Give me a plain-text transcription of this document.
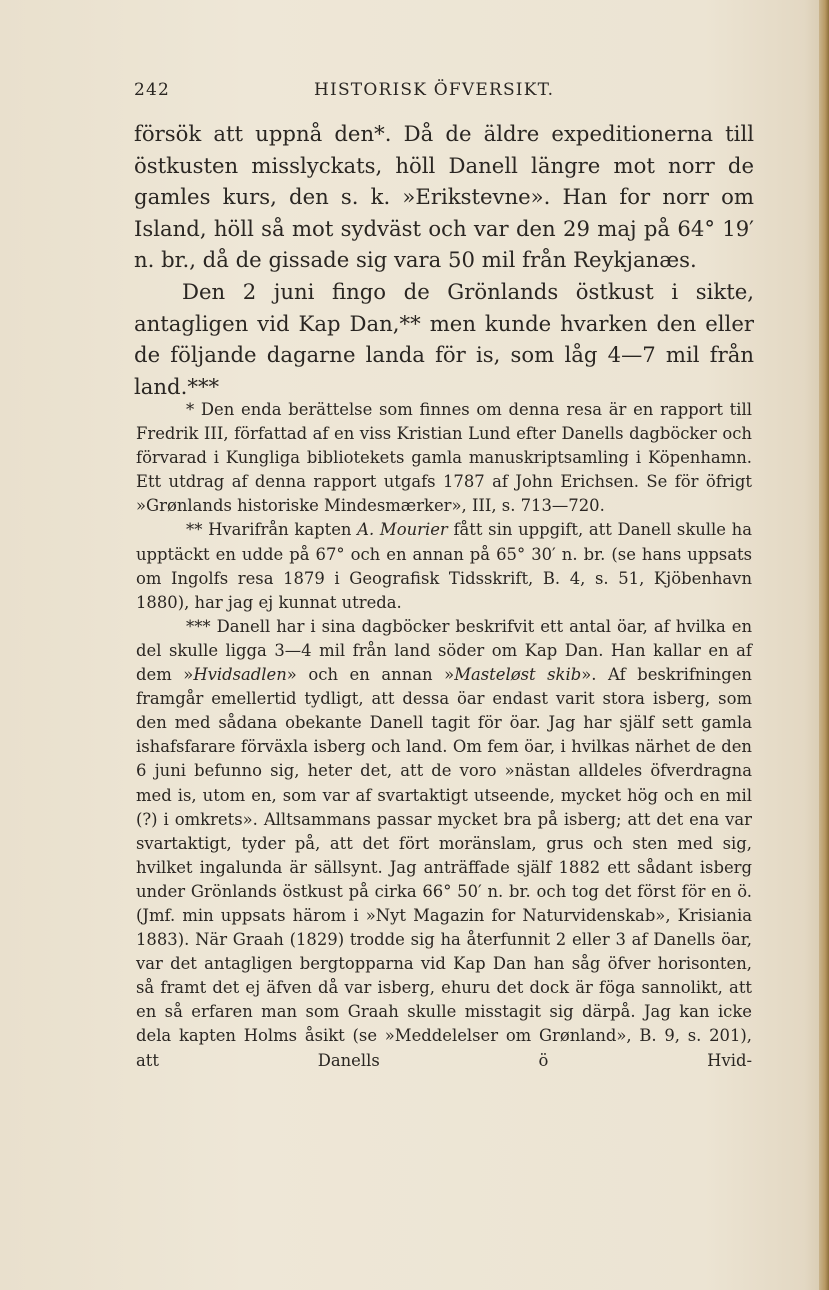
242	HISTORISK ÖFVERSIKT.

försök att uppnå den*. Då de äldre expeditionerna till östkusten misslyckats, höll Danell längre mot norr de gamles kurs, den s. k. »Erikstevne». Han for norr om Island, höll så mot sydväst och var den 29 maj på 64° 19′ n. br., då de gissade sig vara 50 mil från Reykjanæs.

Den 2 juni fingo de Grönlands östkust i sikte, antagligen vid Kap Dan,** men kunde hvarken den eller de följande dagarne landa för is, som låg 4—7 mil från land.***

* Den enda berättelse som finnes om denna resa är en rapport till Fredrik III, författad af en viss Kristian Lund efter Danells dagböcker och förvarad i Kungliga bibliotekets gamla manuskriptsamling i Köpenhamn. Ett utdrag af denna rapport utgafs 1787 af John Erichsen. Se för öfrigt »Grønlands historiske Mindesmærker», III, s. 713—720.

** Hvarifrån kapten A. Mourier fått sin uppgift, att Danell skulle ha upptäckt en udde på 67° och en annan på 65° 30′ n. br. (se hans uppsats om Ingolfs resa 1879 i Geografisk Tidsskrift, B. 4, s. 51, Kjöbenhavn 1880), har jag ej kunnat utreda.

*** Danell har i sina dagböcker beskrifvit ett antal öar, af hvilka en del skulle ligga 3—4 mil från land söder om Kap Dan. Han kallar en af dem »Hvidsadlen» och en annan »Masteløst skib». Af beskrifningen framgår emellertid tydligt, att dessa öar endast varit stora isberg, som den med sådana obekante Danell tagit för öar. Jag har själf sett gamla ishafsfarare förväxla isberg och land. Om fem öar, i hvilkas närhet de den 6 juni befunno sig, heter det, att de voro »nästan alldeles öfverdragna med is, utom en, som var af svartaktigt utseende, mycket hög och en mil (?) i omkrets». Alltsammans passar mycket bra på isberg; att det ena var svartaktigt, tyder på, att det fört moränslam, grus och sten med sig, hvilket ingalunda är sällsynt. Jag anträffade själf 1882 ett sådant isberg under Grönlands östkust på cirka 66° 50′ n. br. och tog det först för en ö. (Jmf. min uppsats härom i »Nyt Magazin for Naturvidenskab», Krisiania 1883). När Graah (1829) trodde sig ha återfunnit 2 eller 3 af Danells öar, var det antagligen bergtopparna vid Kap Dan han såg öfver horisonten, så framt det ej äfven då var isberg, ehuru det dock är föga sannolikt, att en så erfaren man som Graah skulle misstagit sig därpå. Jag kan icke dela kapten Holms åsikt (se »Meddelelser om Grønland», B. 9, s. 201), att Danells ö Hvid-
